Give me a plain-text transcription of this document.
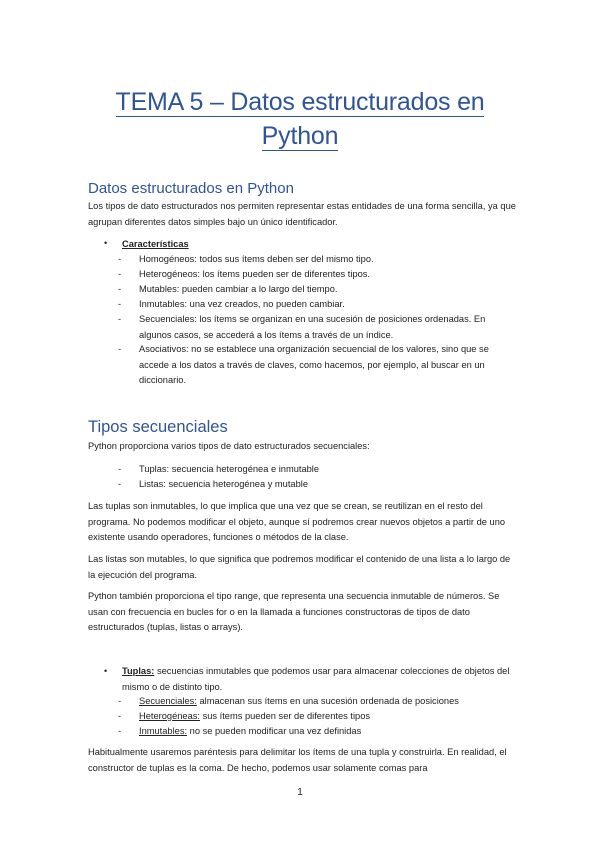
TEMA 5 – Datos estructurados en
Python
Datos estructurados en Python
Los tipos de dato estructurados nos permiten representar estas entidades de una forma sencilla, ya que agrupan diferentes datos simples bajo un único identificador.
• Características
- Homogéneos: todos sus ítems deben ser del mismo tipo.
- Heterogéneos: los ítems pueden ser de diferentes tipos.
- Mutables: pueden cambiar a lo largo del tiempo.
- Inmutables: una vez creados, no pueden cambiar.
- Secuenciales: los ítems se organizan en una sucesión de posiciones ordenadas. En algunos casos, se accederá a los ítems a través de un índice.
- Asociativos: no se establece una organización secuencial de los valores, sino que se accede a los datos a través de claves, como hacemos, por ejemplo, al buscar en un diccionario.
Tipos secuenciales
Python proporciona varios tipos de dato estructurados secuenciales:
- Tuplas: secuencia heterogénea e inmutable
- Listas: secuencia heterogénea y mutable
Las tuplas son inmutables, lo que implica que una vez que se crean, se reutilizan en el resto del programa. No podemos modificar el objeto, aunque sí podremos crear nuevos objetos a partir de uno existente usando operadores, funciones o métodos de la clase.
Las listas son mutables, lo que significa que podremos modificar el contenido de una lista a lo largo de la ejecución del programa.
Python también proporciona el tipo range, que representa una secuencia inmutable de números. Se usan con frecuencia en bucles for o en la llamada a funciones constructoras de tipos de dato estructurados (tuplas, listas o arrays).
• Tuplas: secuencias inmutables que podemos usar para almacenar colecciones de objetos del mismo o de distinto tipo.
- Secuenciales: almacenan sus ítems en una sucesión ordenada de posiciones
- Heterogéneas: sus ítems pueden ser de diferentes tipos
- Inmutables: no se pueden modificar una vez definidas
Habitualmente usaremos paréntesis para delimitar los ítems de una tupla y construirla. En realidad, el constructor de tuplas es la coma. De hecho, podemos usar solamente comas para
1
